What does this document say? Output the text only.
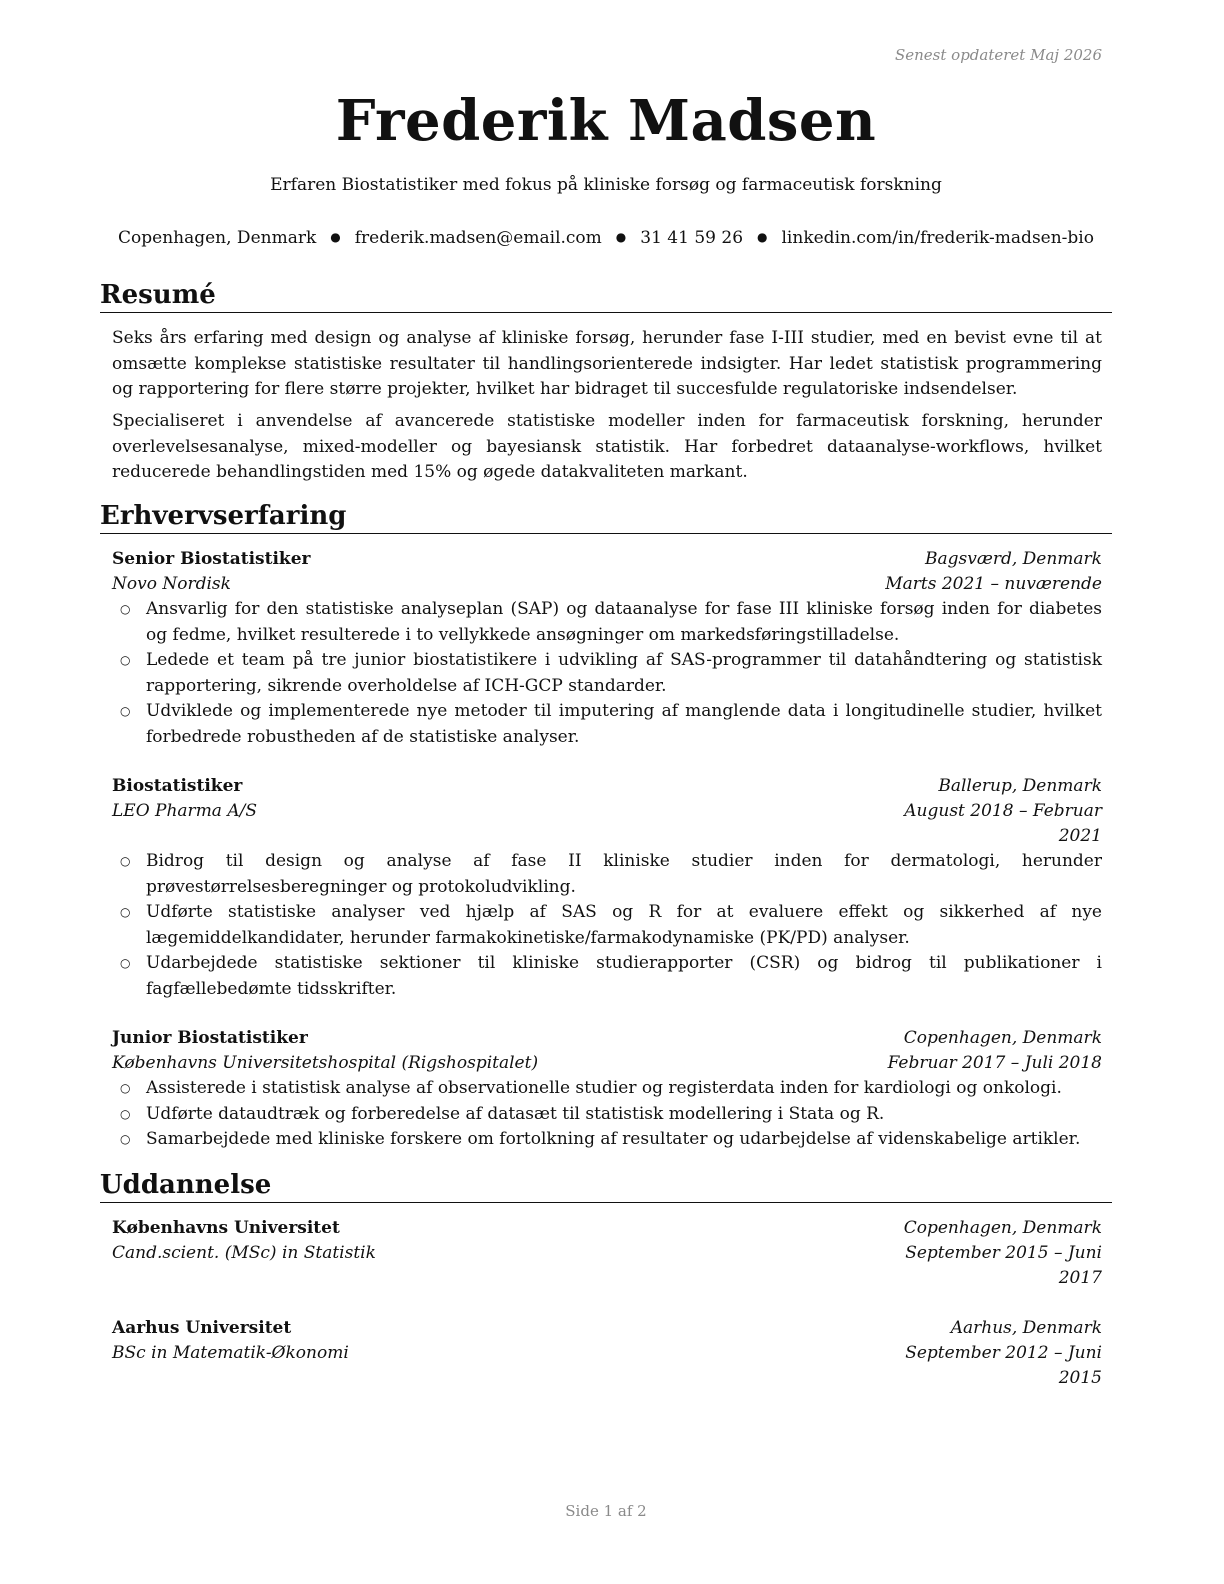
Senest opdateret Maj 2026
Frederik Madsen
Erfaren Biostatistiker med fokus på kliniske forsøg og farmaceutisk forskning
Copenhagen, Denmark ● frederik.madsen@email.com ● 31 41 59 26 ● linkedin.com/in/frederik-madsen-bio
Resumé
Seks års erfaring med design og analyse af kliniske forsøg, herunder fase I-III studier, med en bevist evne til at omsætte komplekse statistiske resultater til handlingsorienterede indsigter. Har ledet statistisk programmering og rapportering for flere større projekter, hvilket har bidraget til succesfulde regulatoriske indsendelser.
Specialiseret i anvendelse af avancerede statistiske modeller inden for farmaceutisk forskning, herunder overlevelsesanalyse, mixed-modeller og bayesiansk statistik. Har forbedret dataanalyse-workflows, hvilket reducerede behandlingstiden med 15% og øgede datakvaliteten markant.
Erhvervserfaring
Senior Biostatistiker	Bagsværd, Denmark
Novo Nordisk	Marts 2021 – nuværende
○ Ansvarlig for den statistiske analyseplan (SAP) og dataanalyse for fase III kliniske forsøg inden for diabetes og fedme, hvilket resulterede i to vellykkede ansøgninger om markedsføringstilladelse.
○ Ledede et team på tre junior biostatistikere i udvikling af SAS-programmer til datahåndtering og statistisk rapportering, sikrende overholdelse af ICH-GCP standarder.
○ Udviklede og implementerede nye metoder til imputering af manglende data i longitudinelle studier, hvilket forbedrede robustheden af de statistiske analyser.
Biostatistiker	Ballerup, Denmark
LEO Pharma A/S	August 2018 – Februar 2021
○ Bidrog til design og analyse af fase II kliniske studier inden for dermatologi, herunder prøvestørrelsesberegninger og protokoludvikling.
○ Udførte statistiske analyser ved hjælp af SAS og R for at evaluere effekt og sikkerhed af nye lægemiddelkandidater, herunder farmakokinetiske/farmakodynamiske (PK/PD) analyser.
○ Udarbejdede statistiske sektioner til kliniske studierapporter (CSR) og bidrog til publikationer i fagfællebedømte tidsskrifter.
Junior Biostatistiker	Copenhagen, Denmark
Københavns Universitetshospital (Rigshospitalet)	Februar 2017 – Juli 2018
○ Assisterede i statistisk analyse af observationelle studier og registerdata inden for kardiologi og onkologi.
○ Udførte dataudtræk og forberedelse af datasæt til statistisk modellering i Stata og R.
○ Samarbejdede med kliniske forskere om fortolkning af resultater og udarbejdelse af videnskabelige artikler.
Uddannelse
Københavns Universitet	Copenhagen, Denmark
Cand.scient. (MSc) in Statistik	September 2015 – Juni 2017
Aarhus Universitet	Aarhus, Denmark
BSc in Matematik-Økonomi	September 2012 – Juni 2015
Side 1 af 2
